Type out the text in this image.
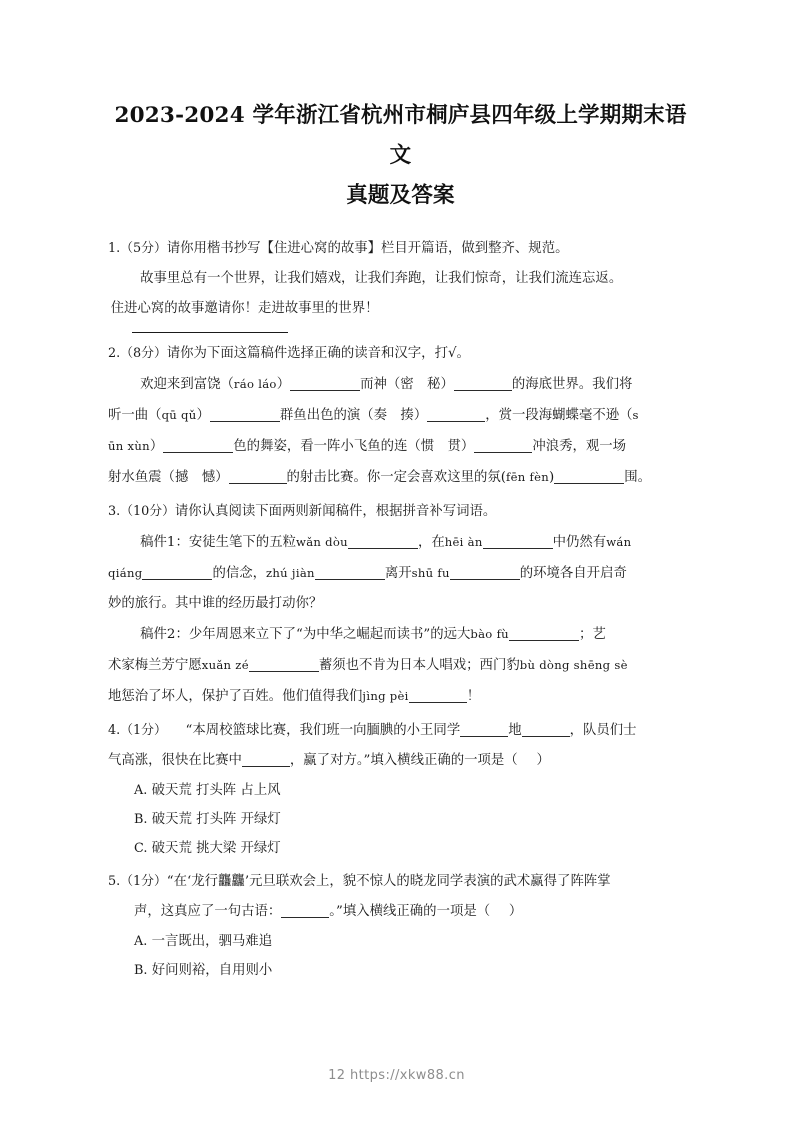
2023-2024 学年浙江省杭州市桐庐县四年级上学期期末语文
真题及答案
1.（5分）请你用楷书抄写【住进心窝的故事】栏目开篇语，做到整齐、规范。
故事里总有一个世界，让我们嬉戏，让我们奔跑，让我们惊奇，让我们流连忘返。
住进心窝的故事邀请你！走进故事里的世界！
2.（8分）请你为下面这篇稿件选择正确的读音和汉字，打√。
欢迎来到富饶（ráo láo）	而神（密　秘）	的海底世界。我们将
听一曲（qū qǔ）	群鱼出色的演（奏　揍）	，赏一段海蝴蝶毫不逊（s
ūn xùn）	色的舞姿，看一阵小飞鱼的连（惯　贯）	冲浪秀，观一场
射水鱼震（撼　憾）	的射击比赛。你一定会喜欢这里的氛(fēn fèn)	围。
3.（10分）请你认真阅读下面两则新闻稿件，根据拼音补写词语。
稿件1：安徒生笔下的五粒wǎn dòu	，在hēi àn	中仍然有wán
qiáng	的信念，zhú jiàn	离开shū fu	的环境各自开启奇
妙的旅行。其中谁的经历最打动你？
稿件2：少年周恩来立下了“为中华之崛起而读书”的远大bào fù	；艺
术家梅兰芳宁愿xuǎn zé	蓄须也不肯为日本人唱戏；西门豹bù dòng shēng sè
地惩治了坏人，保护了百姓。他们值得我们jìng pèi	！
4.（1分） “本周校篮球比赛，我们班一向腼腆的小王同学	地	，队员们士
气高涨，很快在比赛中	，赢了对方。”填入横线正确的一项是（ ）
A. 破天荒 打头阵 占上风
B. 破天荒 打头阵 开绿灯
C. 破天荒 挑大梁 开绿灯
5.（1分）“在‘龙行龘龘’元旦联欢会上，貌不惊人的晓龙同学表演的武术赢得了阵阵掌
声，这真应了一句古语：	。”填入横线正确的一项是（ ）
A. 一言既出，驷马难追
B. 好问则裕，自用则小
12 https://xkw88.cn
